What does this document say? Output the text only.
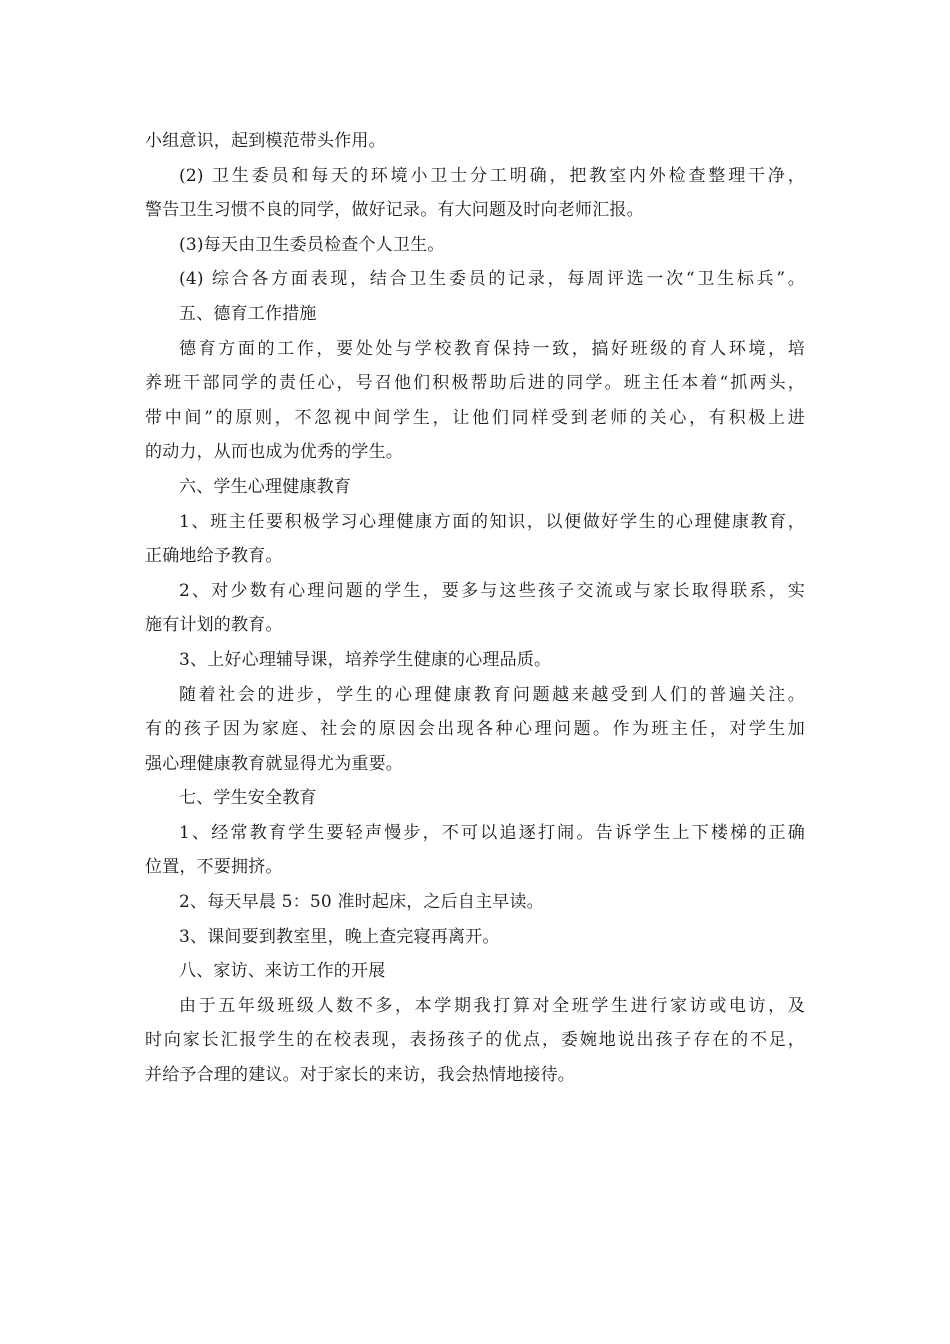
小组意识，起到模范带头作用。
(2) 卫生委员和每天的环境小卫士分工明确，把教室内外检查整理干净，
警告卫生习惯不良的同学，做好记录。有大问题及时向老师汇报。
(3)每天由卫生委员检查个人卫生。
(4) 综合各方面表现，结合卫生委员的记录，每周评选一次“卫生标兵”。
五、德育工作措施
德育方面的工作，要处处与学校教育保持一致，搞好班级的育人环境，培
养班干部同学的责任心，号召他们积极帮助后进的同学。班主任本着“抓两头，
带中间”的原则，不忽视中间学生，让他们同样受到老师的关心，有积极上进
的动力，从而也成为优秀的学生。
六、学生心理健康教育
1、班主任要积极学习心理健康方面的知识，以便做好学生的心理健康教育，
正确地给予教育。
2、对少数有心理问题的学生，要多与这些孩子交流或与家长取得联系，实
施有计划的教育。
3、上好心理辅导课，培养学生健康的心理品质。
随着社会的进步，学生的心理健康教育问题越来越受到人们的普遍关注。
有的孩子因为家庭、社会的原因会出现各种心理问题。作为班主任，对学生加
强心理健康教育就显得尤为重要。
七、学生安全教育
1、经常教育学生要轻声慢步，不可以追逐打闹。告诉学生上下楼梯的正确
位置，不要拥挤。
2、每天早晨 5：50 准时起床，之后自主早读。
3、课间要到教室里，晚上查完寝再离开。
八、家访、来访工作的开展
由于五年级班级人数不多，本学期我打算对全班学生进行家访或电访，及
时向家长汇报学生的在校表现，表扬孩子的优点，委婉地说出孩子存在的不足，
并给予合理的建议。对于家长的来访，我会热情地接待。
